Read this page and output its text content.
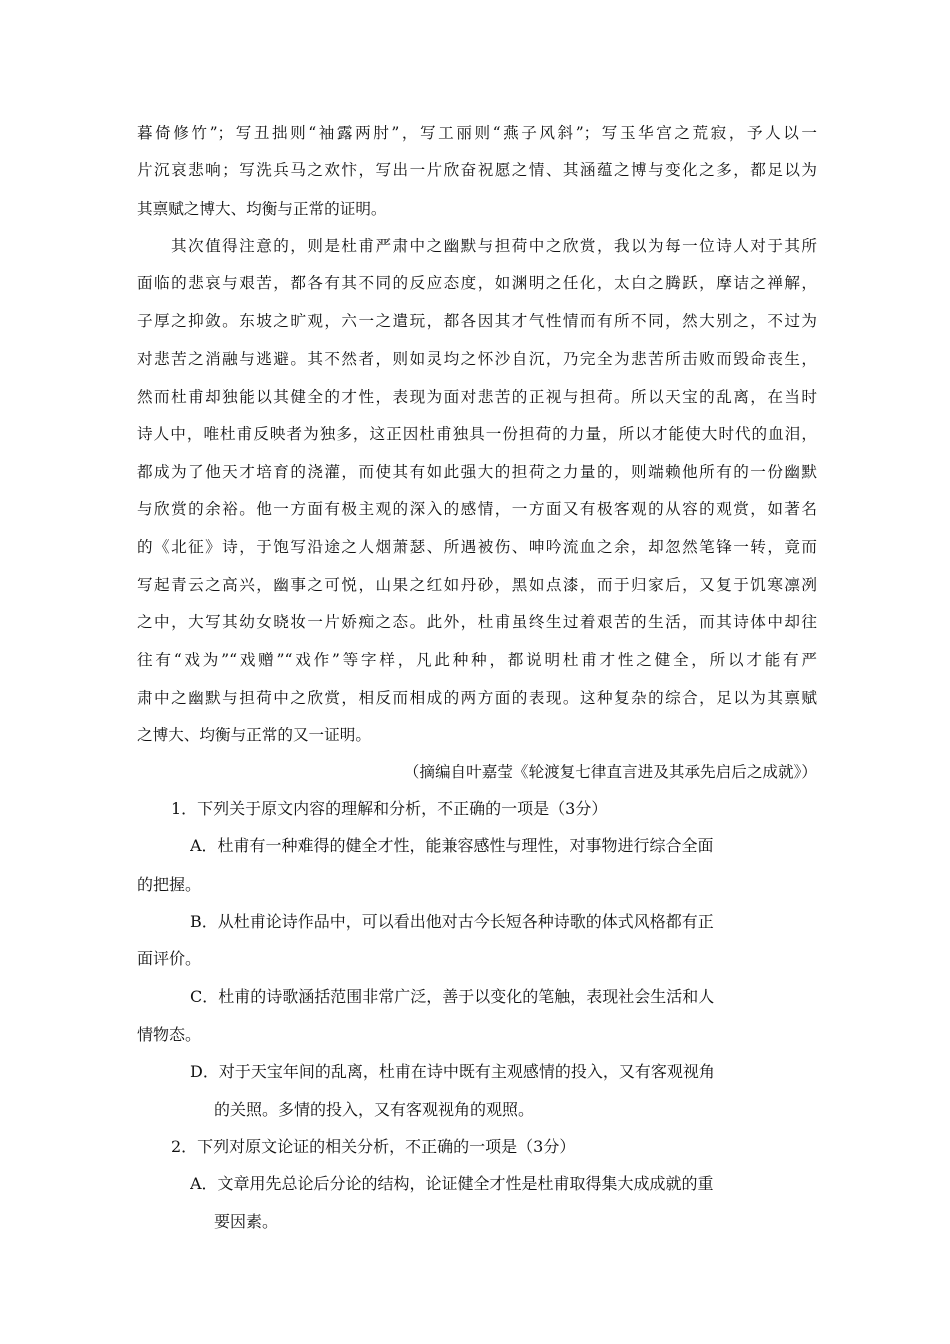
暮倚修竹”；写丑拙则“袖露两肘”，写工丽则“燕子风斜”；写玉华宫之荒寂，予人以一
片沉哀悲响；写洗兵马之欢忭，写出一片欣奋祝愿之情、其涵蕴之博与变化之多，都足以为
其禀赋之博大、均衡与正常的证明。
其次值得注意的，则是杜甫严肃中之幽默与担荷中之欣赏，我以为每一位诗人对于其所
面临的悲哀与艰苦，都各有其不同的反应态度，如渊明之任化，太白之腾跃，摩诘之禅解，
子厚之抑敛。东坡之旷观，六一之遣玩，都各因其才气性情而有所不同，然大别之，不过为
对悲苦之消融与逃避。其不然者，则如灵均之怀沙自沉，乃完全为悲苦所击败而毁命丧生，
然而杜甫却独能以其健全的才性，表现为面对悲苦的正视与担荷。所以天宝的乱离，在当时
诗人中，唯杜甫反映者为独多，这正因杜甫独具一份担荷的力量，所以才能使大时代的血泪，
都成为了他天才培育的浇灌，而使其有如此强大的担荷之力量的，则端赖他所有的一份幽默
与欣赏的余裕。他一方面有极主观的深入的感情，一方面又有极客观的从容的观赏，如著名
的《北征》诗，于饱写沿途之人烟萧瑟、所遇被伤、呻吟流血之余，却忽然笔锋一转，竟而
写起青云之高兴，幽事之可悦，山果之红如丹砂，黑如点漆，而于归家后，又复于饥寒凛冽
之中，大写其幼女晓妆一片娇痴之态。此外，杜甫虽终生过着艰苦的生活，而其诗体中却往
往有“戏为”“戏赠”“戏作”等字样，凡此种种，都说明杜甫才性之健全，所以才能有严
肃中之幽默与担荷中之欣赏，相反而相成的两方面的表现。这种复杂的综合，足以为其禀赋
之博大、均衡与正常的又一证明。
（摘编自叶嘉莹《轮渡复七律直言进及其承先启后之成就》）
1．下列关于原文内容的理解和分析，不正确的一项是（3分）
A．杜甫有一种难得的健全才性，能兼容感性与理性，对事物进行综合全面
的把握。
B．从杜甫论诗作品中，可以看出他对古今长短各种诗歌的体式风格都有正
面评价。
C．杜甫的诗歌涵括范围非常广泛，善于以变化的笔触，表现社会生活和人
情物态。
D．对于天宝年间的乱离，杜甫在诗中既有主观感情的投入，又有客观视角
的关照。多情的投入，又有客观视角的观照。
2．下列对原文论证的相关分析，不正确的一项是（3分）
A．文章用先总论后分论的结构，论证健全才性是杜甫取得集大成成就的重
要因素。
